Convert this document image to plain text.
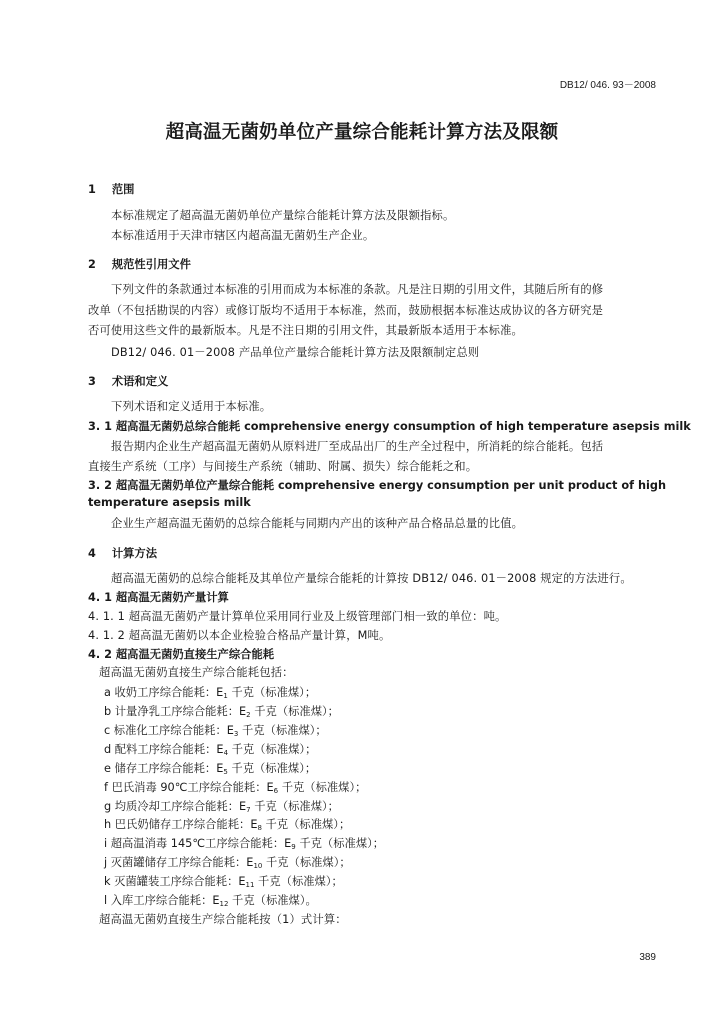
DB12/ 046. 93－2008
超高温无菌奶单位产量综合能耗计算方法及限额
1 范围
本标准规定了超高温无菌奶单位产量综合能耗计算方法及限额指标。
本标准适用于天津市辖区内超高温无菌奶生产企业。
2 规范性引用文件
下列文件的条款通过本标准的引用而成为本标准的条款。凡是注日期的引用文件，其随后所有的修
改单（不包括勘误的内容）或修订版均不适用于本标准，然而，鼓励根据本标准达成协议的各方研究是
否可使用这些文件的最新版本。凡是不注日期的引用文件，其最新版本适用于本标准。
DB12/ 046. 01－2008 产品单位产量综合能耗计算方法及限额制定总则
3 术语和定义
下列术语和定义适用于本标准。
3. 1 超高温无菌奶总综合能耗 comprehensive energy consumption of high temperature asepsis milk
报告期内企业生产超高温无菌奶从原料进厂至成品出厂的生产全过程中，所消耗的综合能耗。包括
直接生产系统（工序）与间接生产系统（辅助、附属、损失）综合能耗之和。
3. 2 超高温无菌奶单位产量综合能耗 comprehensive energy consumption per unit product of high
temperature asepsis milk
企业生产超高温无菌奶的总综合能耗与同期内产出的该种产品合格品总量的比值。
4 计算方法
超高温无菌奶的总综合能耗及其单位产量综合能耗的计算按 DB12/ 046. 01－2008 规定的方法进行。
4. 1 超高温无菌奶产量计算
4. 1. 1 超高温无菌奶产量计算单位采用同行业及上级管理部门相一致的单位：吨。
4. 1. 2 超高温无菌奶以本企业检验合格品产量计算，M吨。
4. 2 超高温无菌奶直接生产综合能耗
超高温无菌奶直接生产综合能耗包括：
a 收奶工序综合能耗：E1 千克（标准煤）；
b 计量净乳工序综合能耗：E2 千克（标准煤）；
c 标准化工序综合能耗：E3 千克（标准煤）；
d 配料工序综合能耗：E4 千克（标准煤）；
e 储存工序综合能耗：E5 千克（标准煤）；
f 巴氏消毒 90℃工序综合能耗：E6 千克（标准煤）；
g 均质冷却工序综合能耗：E7 千克（标准煤）；
h 巴氏奶储存工序综合能耗：E8 千克（标准煤）；
i 超高温消毒 145℃工序综合能耗：E9 千克（标准煤）；
j 灭菌罐储存工序综合能耗：E10 千克（标准煤）；
k 灭菌罐装工序综合能耗：E11 千克（标准煤）；
l 入库工序综合能耗：E12 千克（标准煤）。
超高温无菌奶直接生产综合能耗按（1）式计算：
389
